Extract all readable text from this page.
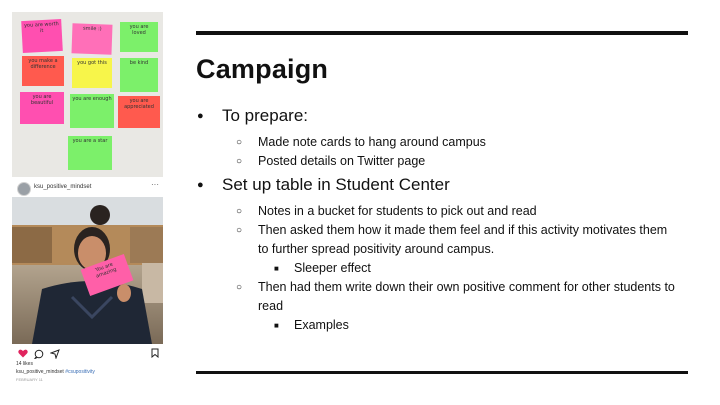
you are worth it	smile :)	you are loved
you make a difference
you got this	be kind
you are beautiful
you are enough	you are appreciated
you are a star
ksu_positive_mindset	···
You are amazing
14 likes
ksu_positive_mindset #csupositivity
FEBRUARY 11
Campaign
● To prepare:
○ Made note cards to hang around campus
○ Posted details on Twitter page
● Set up table in Student Center
○ Notes in a bucket for students to pick out and read
○ Then asked them how it made them feel and if this activity motivates them to further spread positivity around campus.
■ Sleeper effect
○ Then had them write down their own positive comment for other students to read
■ Examples
